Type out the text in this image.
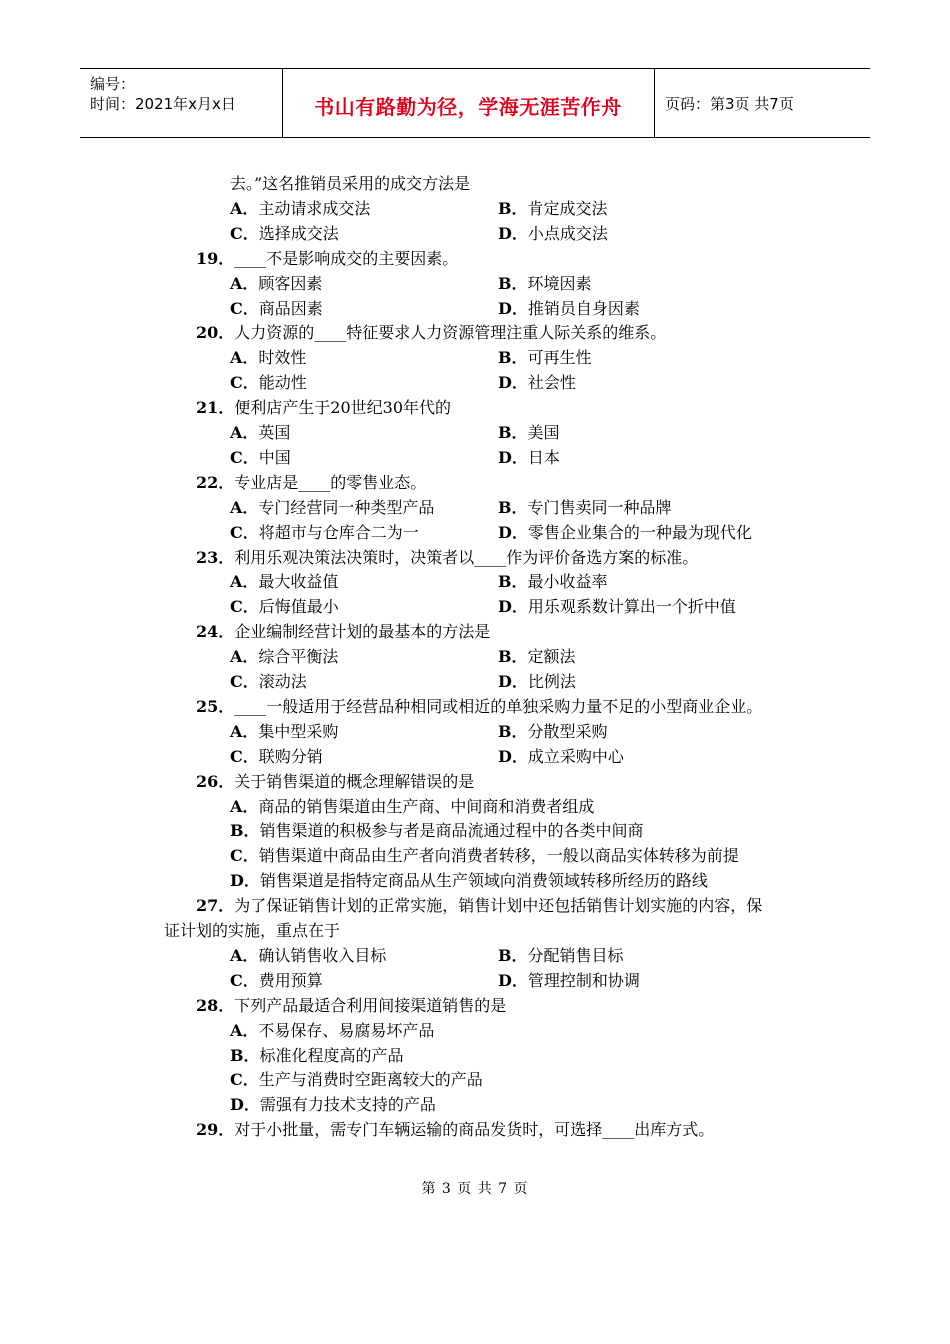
编号：
时间：2021年x月x日	书山有路勤为径，学海无涯苦作舟	页码：第3页 共7页
去。”这名推销员采用的成交方法是
A．主动请求成交法	B．肯定成交法
C．选择成交法	D．小点成交法
19．____不是影响成交的主要因素。
A．顾客因素	B．环境因素
C．商品因素	D．推销员自身因素
20．人力资源的____特征要求人力资源管理注重人际关系的维系。
A．时效性	B．可再生性
C．能动性	D．社会性
21．便利店产生于20世纪30年代的
A．英国	B．美国
C．中国	D．日本
22．专业店是____的零售业态。
A．专门经营同一种类型产品	B．专门售卖同一种品牌
C．将超市与仓库合二为一	D．零售企业集合的一种最为现代化
23．利用乐观决策法决策时，决策者以____作为评价备选方案的标准。
A．最大收益值	B．最小收益率
C．后悔值最小	D．用乐观系数计算出一个折中值
24．企业编制经营计划的最基本的方法是
A．综合平衡法	B．定额法
C．滚动法	D．比例法
25．____一般适用于经营品种相同或相近的单独采购力量不足的小型商业企业。
A．集中型采购	B．分散型采购
C．联购分销	D．成立采购中心
26．关于销售渠道的概念理解错误的是
A．商品的销售渠道由生产商、中间商和消费者组成
B．销售渠道的积极参与者是商品流通过程中的各类中间商
C．销售渠道中商品由生产者向消费者转移，一般以商品实体转移为前提
D．销售渠道是指特定商品从生产领域向消费领域转移所经历的路线
27．为了保证销售计划的正常实施，销售计划中还包括销售计划实施的内容，保
证计划的实施，重点在于
A．确认销售收入目标	B．分配销售目标
C．费用预算	D．管理控制和协调
28．下列产品最适合利用间接渠道销售的是
A．不易保存、易腐易坏产品
B．标准化程度高的产品
C．生产与消费时空距离较大的产品
D．需强有力技术支持的产品
29．对于小批量，需专门车辆运输的商品发货时，可选择____出库方式。
第 3 页 共 7 页
